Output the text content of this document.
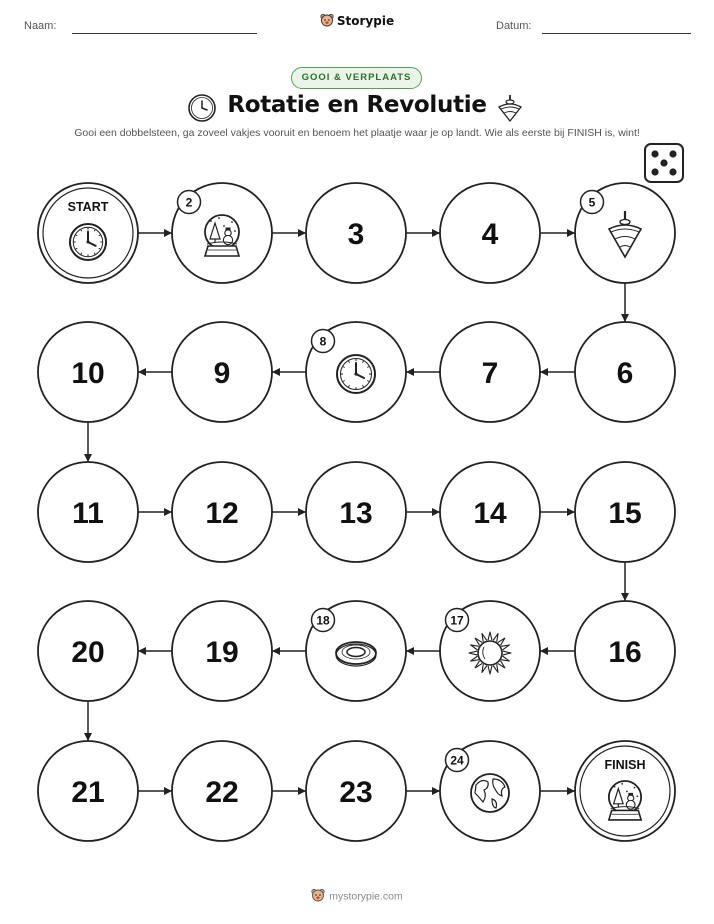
Naam:	Datum:
Storypie
GOOI & VERPLAATS
Rotatie en Revolutie
Gooi een dobbelsteen, ga zoveel vakjes vooruit en benoem het plaatje waar je op landt. Wie als eerste bij FINISH is, wint!
START	2
3	4
5
6
7
8
9
10
11	12	13	14	15
16
17
18
19
20
21	22	23
24	FINISH
mystorypie.com
